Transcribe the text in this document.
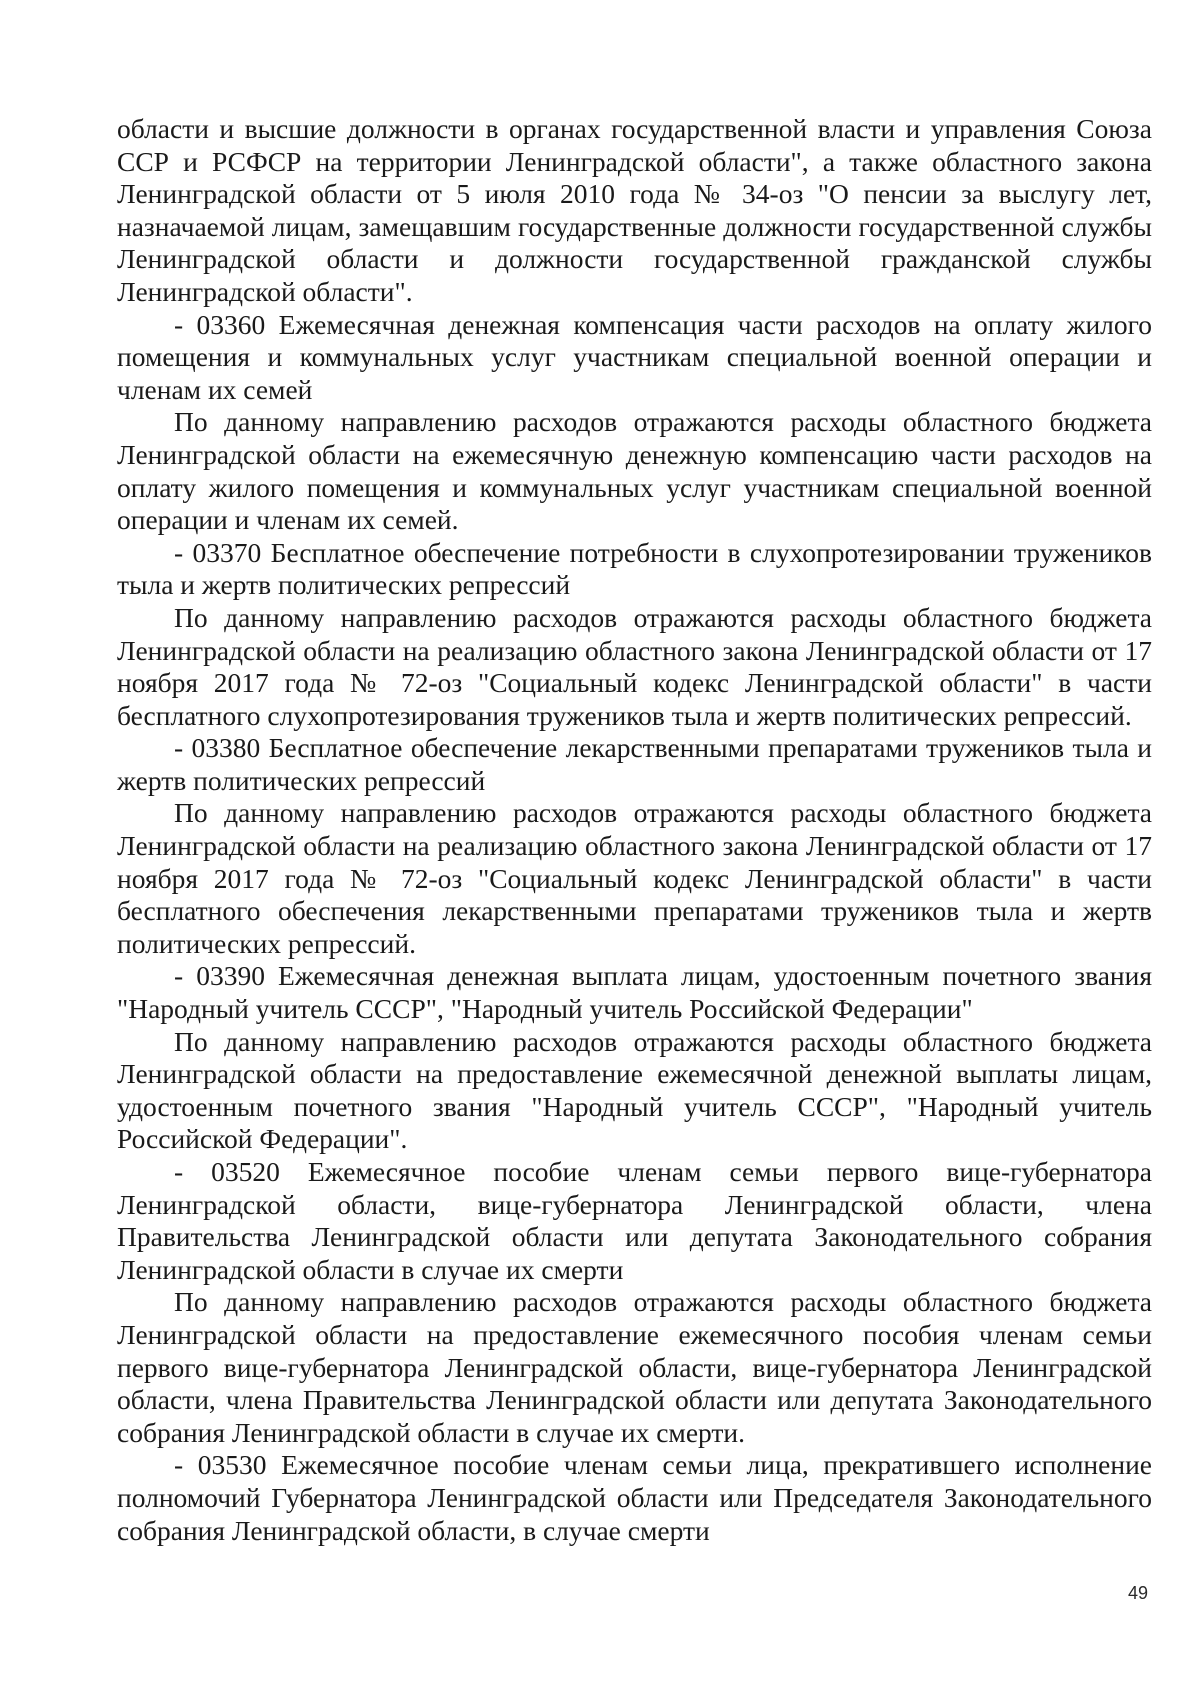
области и высшие должности в органах государственной власти и управления Союза ССР и РСФСР на территории Ленинградской области", а также областного закона Ленинградской области от 5 июля 2010 года № 34-оз "О пенсии за выслугу лет, назначаемой лицам, замещавшим государственные должности государственной службы Ленинградской области и должности государственной гражданской службы Ленинградской области".

- 03360 Ежемесячная денежная компенсация части расходов на оплату жилого помещения и коммунальных услуг участникам специальной военной операции и членам их семей

По данному направлению расходов отражаются расходы областного бюджета Ленинградской области на ежемесячную денежную компенсацию части расходов на оплату жилого помещения и коммунальных услуг участникам специальной военной операции и членам их семей.

- 03370 Бесплатное обеспечение потребности в слухопротезировании тружеников тыла и жертв политических репрессий

По данному направлению расходов отражаются расходы областного бюджета Ленинградской области на реализацию областного закона Ленинградской области от 17 ноября 2017 года № 72-оз "Социальный кодекс Ленинградской области" в части бесплатного слухопротезирования тружеников тыла и жертв политических репрессий.

- 03380 Бесплатное обеспечение лекарственными препаратами тружеников тыла и жертв политических репрессий

По данному направлению расходов отражаются расходы областного бюджета Ленинградской области на реализацию областного закона Ленинградской области от 17 ноября 2017 года № 72-оз "Социальный кодекс Ленинградской области" в части бесплатного обеспечения лекарственными препаратами тружеников тыла и жертв политических репрессий.

- 03390 Ежемесячная денежная выплата лицам, удостоенным почетного звания "Народный учитель СССР", "Народный учитель Российской Федерации"

По данному направлению расходов отражаются расходы областного бюджета Ленинградской области на предоставление ежемесячной денежной выплаты лицам, удостоенным почетного звания "Народный учитель СССР", "Народный учитель Российской Федерации".

- 03520 Ежемесячное пособие членам семьи первого вице-губернатора Ленинградской области, вице-губернатора Ленинградской области, члена Правительства Ленинградской области или депутата Законодательного собрания Ленинградской области в случае их смерти

По данному направлению расходов отражаются расходы областного бюджета Ленинградской области на предоставление ежемесячного пособия членам семьи первого вице-губернатора Ленинградской области, вице-губернатора Ленинградской области, члена Правительства Ленинградской области или депутата Законодательного собрания Ленинградской области в случае их смерти.

- 03530 Ежемесячное пособие членам семьи лица, прекратившего исполнение полномочий Губернатора Ленинградской области или Председателя Законодательного собрания Ленинградской области, в случае смерти

49
